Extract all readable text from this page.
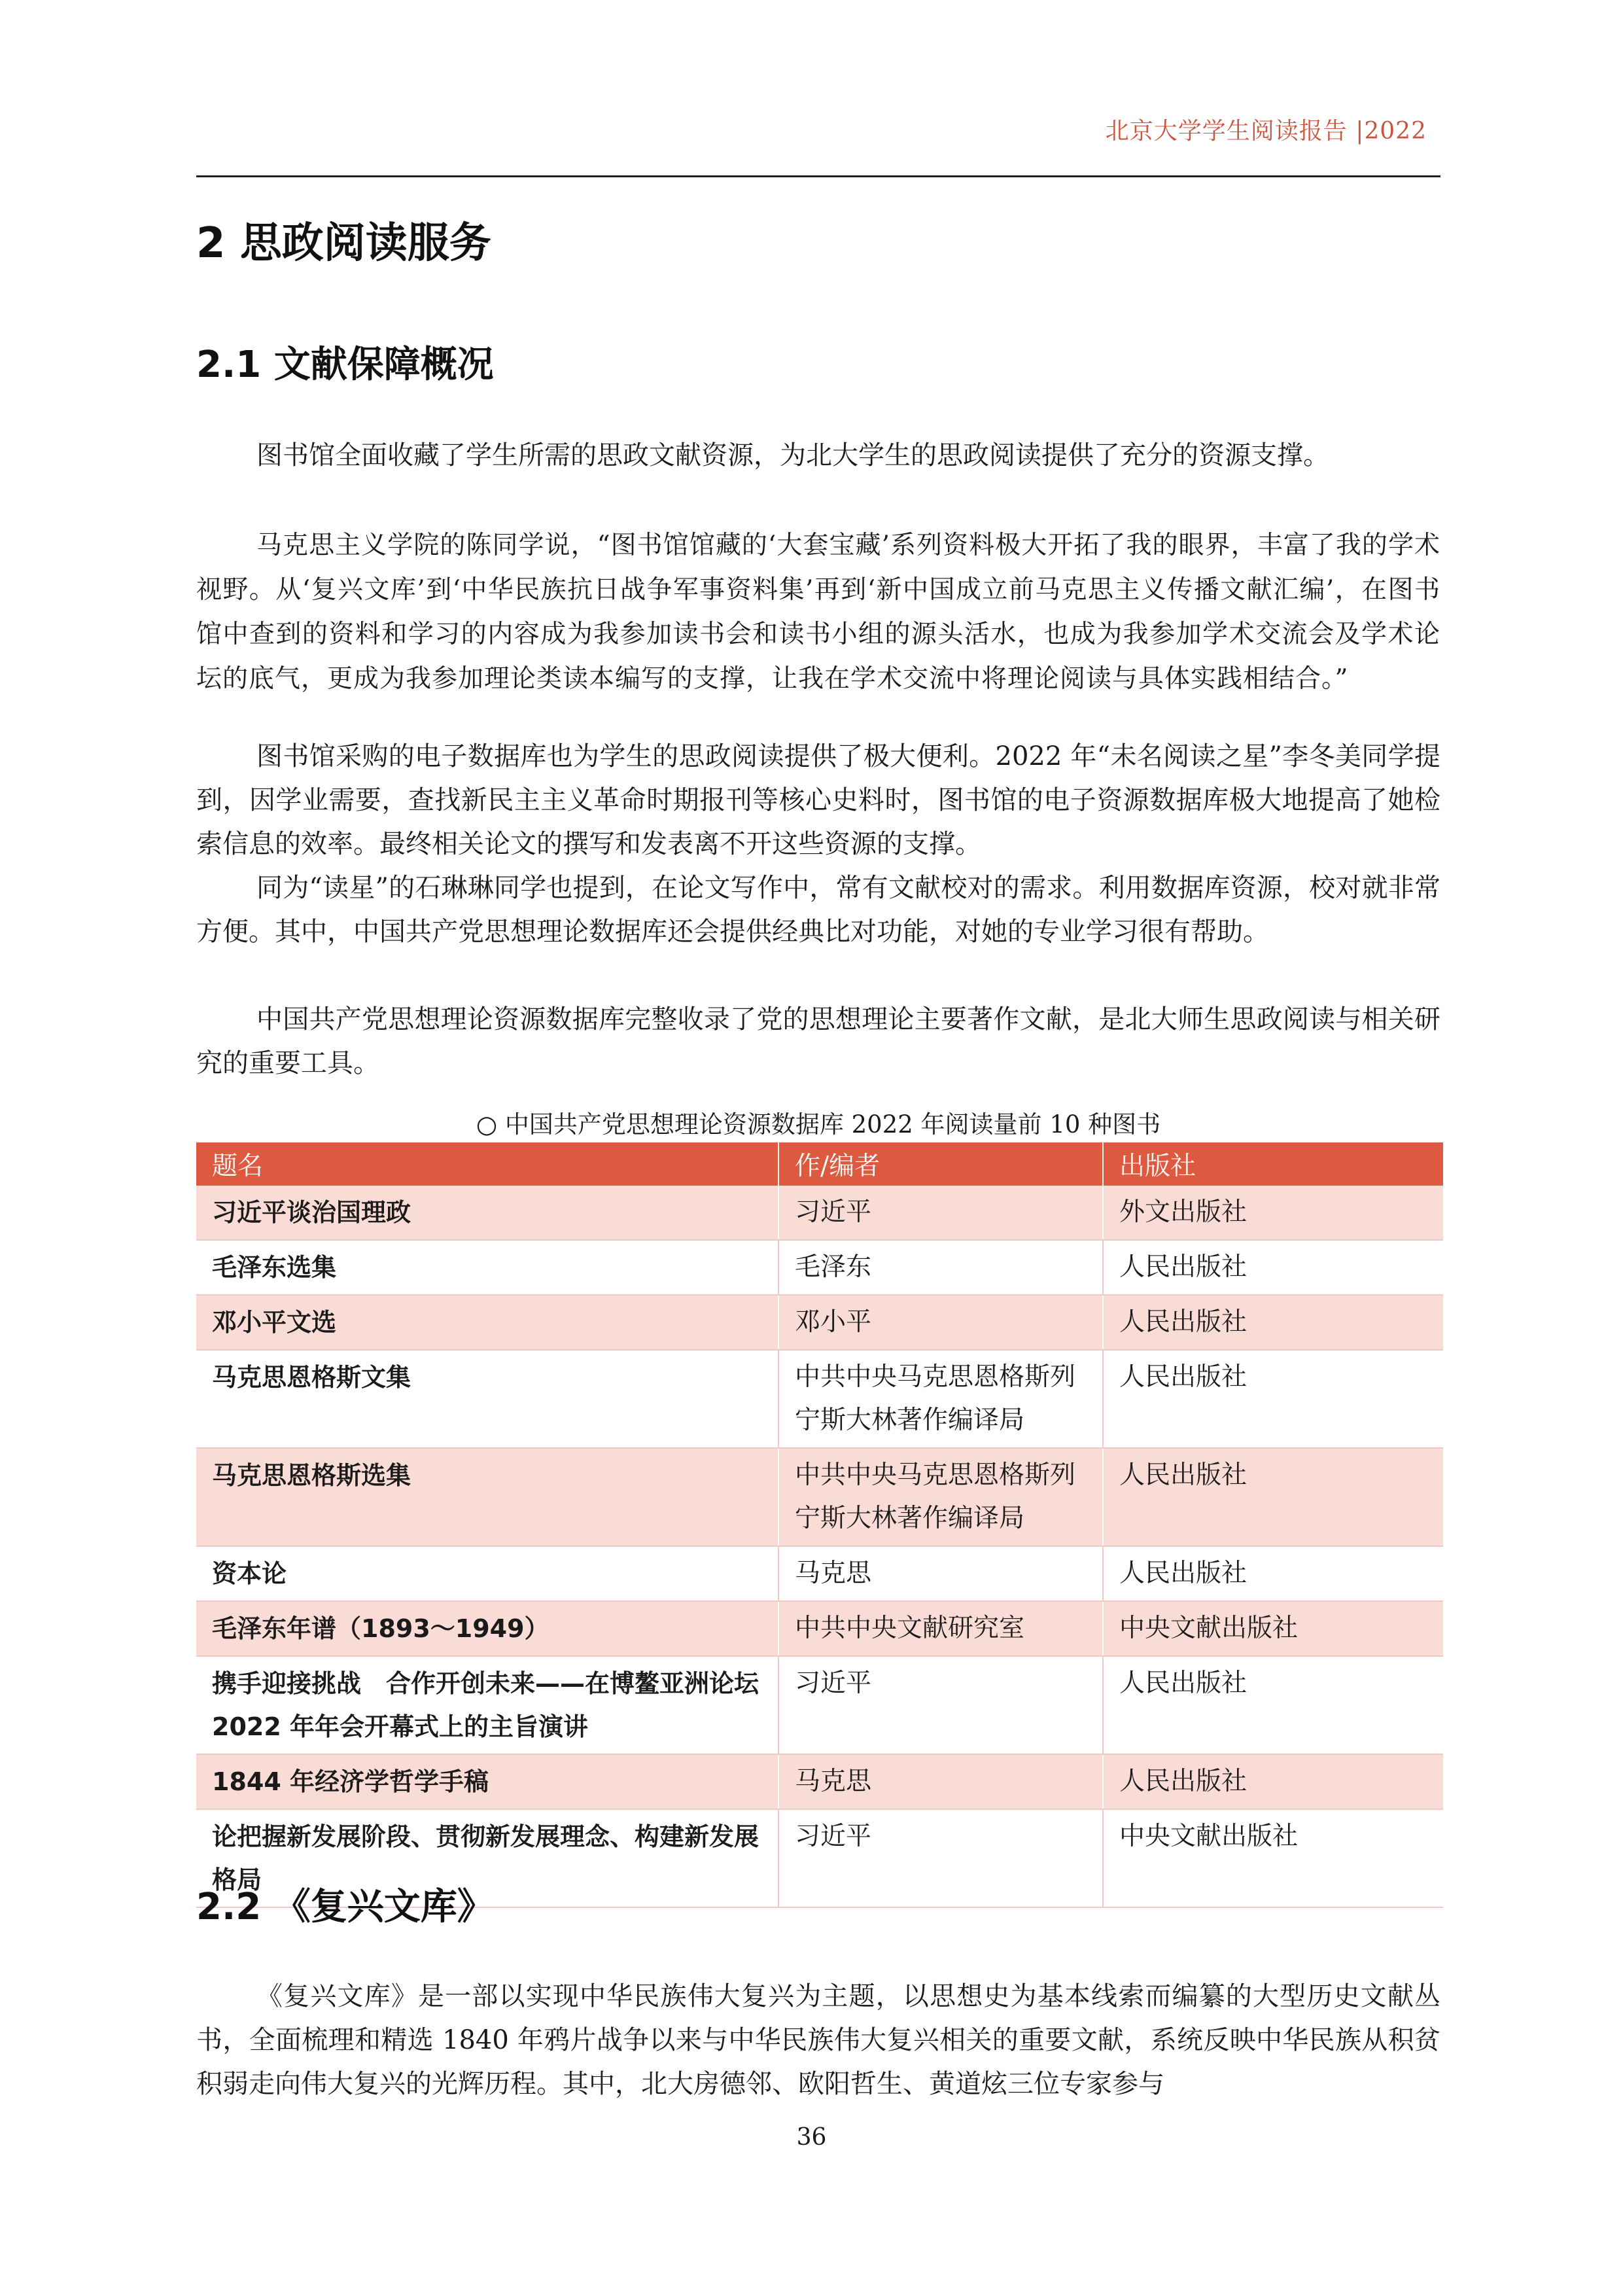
北京大学学生阅读报告 |2022
2 思政阅读服务
2.1 文献保障概况

图书馆全面收藏了学生所需的思政文献资源，为北大学生的思政阅读提供了充分的资源支撑。

马克思主义学院的陈同学说，“图书馆馆藏的‘大套宝藏’系列资料极大开拓了我的眼界，丰富了我的学术视野。从‘复兴文库’到‘中华民族抗日战争军事资料集’再到‘新中国成立前马克思主义传播文献汇编’，在图书馆中查到的资料和学习的内容成为我参加读书会和读书小组的源头活水，也成为我参加学术交流会及学术论坛的底气，更成为我参加理论类读本编写的支撑，让我在学术交流中将理论阅读与具体实践相结合。”

图书馆采购的电子数据库也为学生的思政阅读提供了极大便利。2022 年“未名阅读之星”李冬美同学提到，因学业需要，查找新民主主义革命时期报刊等核心史料时，图书馆的电子资源数据库极大地提高了她检索信息的效率。最终相关论文的撰写和发表离不开这些资源的支撑。

同为“读星”的石琳琳同学也提到，在论文写作中，常有文献校对的需求。利用数据库资源，校对就非常方便。其中，中国共产党思想理论数据库还会提供经典比对功能，对她的专业学习很有帮助。

中国共产党思想理论资源数据库完整收录了党的思想理论主要著作文献，是北大师生思政阅读与相关研究的重要工具。

○ 中国共产党思想理论资源数据库 2022 年阅读量前 10 种图书
题名	作/编者	出版社
习近平谈治国理政	习近平	外文出版社
毛泽东选集	毛泽东	人民出版社
邓小平文选	邓小平	人民出版社
马克思恩格斯文集	中共中央马克思恩格斯列宁斯大林著作编译局	人民出版社
马克思恩格斯选集	中共中央马克思恩格斯列宁斯大林著作编译局	人民出版社
资本论	马克思	人民出版社
毛泽东年谱（1893～1949）	中共中央文献研究室	中央文献出版社
携手迎接挑战　合作开创未来——在博鳌亚洲论坛 2022 年年会开幕式上的主旨演讲	习近平	人民出版社
1844 年经济学哲学手稿	马克思	人民出版社
论把握新发展阶段、贯彻新发展理念、构建新发展格局	习近平	中央文献出版社
2.2 《复兴文库》

《复兴文库》是一部以实现中华民族伟大复兴为主题，以思想史为基本线索而编纂的大型历史文献丛书，全面梳理和精选 1840 年鸦片战争以来与中华民族伟大复兴相关的重要文献，系统反映中华民族从积贫积弱走向伟大复兴的光辉历程。其中，北大房德邻、欧阳哲生、黄道炫三位专家参与

36
